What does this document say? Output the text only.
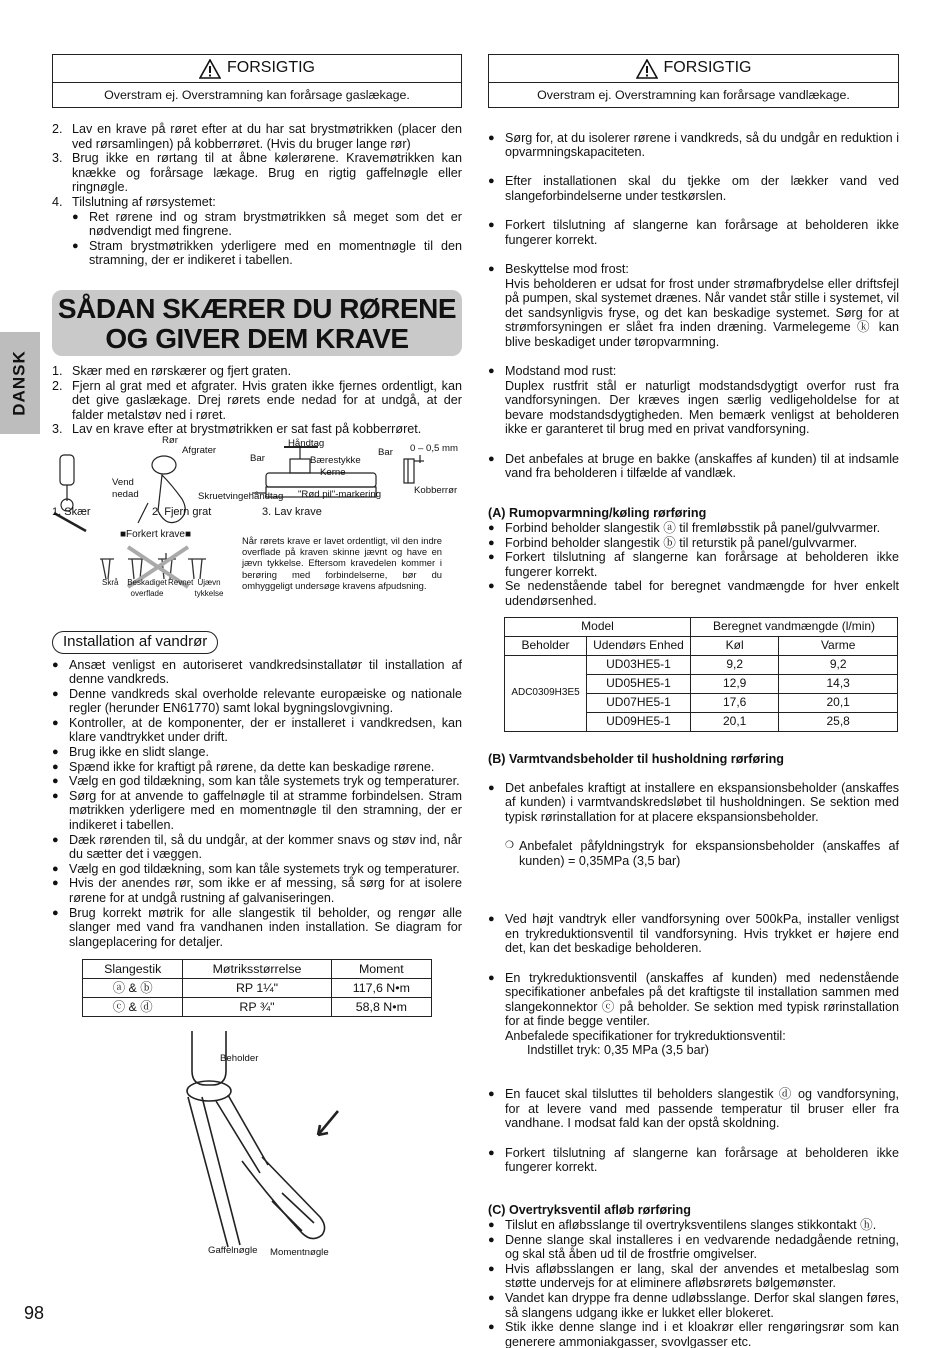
DANSK
FORSIGTIG
Overstram ej. Overstramning kan forårsage gaslækage.
2. Lav en krave på røret efter at du har sat brystmøtrikken (placer den ved rørsamlingen) på kobberrøret. (Hvis du bruger lange rør)
3. Brug ikke en rørtang til at åbne kølerørene. Kravemøtrikken kan knække og forårsage lækage. Brug en rigtig gaffelnøgle eller ringnøgle.
4. Tilslutning af rørsystemet:
● Ret rørene ind og stram brystmøtrikken så meget som det er nødvendigt med fingrene.
● Stram brystmøtrikken yderligere med en momentnøgle til den stramning, der er indikeret i tabellen.
SÅDAN SKÆRER DU RØRENE
OG GIVER DEM KRAVE
1. Skær med en rørskærer og fjert graten.
2. Fjern al grat med et afgrater. Hvis graten ikke fjernes ordentligt, kan det give gaslækage. Drej rørets ende nedad for at undgå, at der falder metalstøv ned i røret.
3. Lav en krave efter at brystmøtrikken er sat fast på kobberrøret.
Rør
Afgrater
Håndtag
Bar	Bærestykke
Kerne
Bar 0 – 0,5 mm
Vend
nedad	Skruetvingehåndtag "Rød pil"-markering	Kobberrør
1. Skær	2. Fjern grat	3. Lav krave
■Forkert krave■
Skrå	Beskadiget overflade
Revnet Ujævn tykkelse
Når rørets krave er lavet ordentligt, vil den indre overflade på kraven skinne jævnt og have en jævn tykkelse. Eftersom kravedelen kommer i berøring med forbindelserne, bør du omhyggeligt undersøge kravens afpudsning.
Installation af vandrør
● Ansæt venligst en autoriseret vandkredsinstallatør til installation af denne vandkreds.
● Denne vandkreds skal overholde relevante europæiske og nationale regler (herunder EN61770) samt lokal bygningslovgivning.
● Kontroller, at de komponenter, der er installeret i vandkredsen, kan klare vandtrykket under drift.
● Brug ikke en slidt slange.
● Spænd ikke for kraftigt på rørene, da dette kan beskadige rørene.
● Vælg en god tildækning, som kan tåle systemets tryk og temperaturer.
● Sørg for at anvende to gaffelnøgle til at stramme forbindelsen. Stram møtrikken yderligere med en momentnøgle til den stramning, der er indikeret i tabellen.
● Dæk rørenden til, så du undgår, at der kommer snavs og støv ind, når du sætter det i væggen.
● Vælg en god tildækning, som kan tåle systemets tryk og temperaturer.
● Hvis der anendes rør, som ikke er af messing, så sørg for at isolere rørene for at undgå rustning af galvaniseringen.
● Brug korrekt møtrik for alle slangestik til beholder, og rengør alle slanger med vand fra vandhanen inden installation. Se diagram for slangeplacering for detaljer.
Slangestik	Møtriksstørrelse	Moment
ⓐ & ⓑ	RP 1¼"	117,6 N•m
ⓒ & ⓓ	RP ¾"	58,8 N•m
Beholder
Gaffelnøgle Momentnøgle
FORSIGTIG
Overstram ej. Overstramning kan forårsage vandlækage.

● Sørg for, at du isolerer rørene i vandkreds, så du undgår en reduktion i opvarmningskapaciteten.

● Efter installationen skal du tjekke om der lækker vand ved slangeforbindelserne under testkørslen.

● Forkert tilslutning af slangerne kan forårsage at beholderen ikke fungerer korrekt.

● Beskyttelse mod frost:
Hvis beholderen er udsat for frost under strømafbrydelse eller driftsfejl på pumpen, skal systemet drænes. Når vandet står stille i systemet, vil det sandsynligvis fryse, og det kan beskadige systemet. Sørg for at strømforsyningen er slået fra inden dræning. Varmelegeme ⓚ kan blive beskadiget under tøropvarmning.

● Modstand mod rust:
Duplex rustfrit stål er naturligt modstandsdygtigt overfor rust fra vandforsyningen. Der kræves ingen særlig vedligeholdelse for at bevare modstandsdygtigheden. Men bemærk venligst at beholderen ikke er garanteret til brug med en privat vandforsyning.

● Det anbefales at bruge en bakke (anskaffes af kunden) til at indsamle vand fra beholderen i tilfælde af vandlæk.

(A) Rumopvarmning/køling rørføring
● Forbind beholder slangestik ⓐ til fremløbsstik på panel/gulvvarmer.
● Forbind beholder slangestik ⓑ til returstik på panel/gulvvarmer.
● Forkert tilslutning af slangerne kan forårsage at beholderen ikke fungerer korrekt.
● Se nedenstående tabel for beregnet vandmængde for hver enkelt udendørsenhed.
Model		Beregnet vandmængde (l/min)	
Beholder	Udendørs Enhed	Køl	Varme
ADC0309H3E5	UD03HE5-1	9,2	9,2
	UD05HE5-1	12,9	14,3
	UD07HE5-1	17,6	20,1
	UD09HE5-1	20,1	25,8
(B) Varmtvandsbeholder til husholdning rørføring

● Det anbefales kraftigt at installere en ekspansionsbeholder (anskaffes af kunden) i varmtvandskredsløbet til husholdningen. Se sektion med typisk rørinstallation for at placere ekspansionsbeholder.

❍ Anbefalet påfyldningstryk for ekspansionsbeholder (anskaffes af kunden) = 0,35MPa (3,5 bar)

● Ved højt vandtryk eller vandforsyning over 500kPa, installer venligst en trykreduktionsventil til vandforsyning. Hvis trykket er højere end det, kan det beskadige beholderen.

● En trykreduktionsventil (anskaffes af kunden) med nedenstående specifikationer anbefales på det kraftigste til installation sammen med slangekonnektor ⓒ på beholder. Se sektion med typisk rørinstallation for at finde begge ventiler.
Anbefalede specifikationer for trykreduktionsventil:

Indstillet tryk: 0,35 MPa (3,5 bar)

● En faucet skal tilsluttes til beholders slangestik ⓓ og vandforsyning, for at levere vand med passende temperatur til bruser eller fra vandhane. I modsat fald kan der opstå skoldning.

● Forkert tilslutning af slangerne kan forårsage at beholderen ikke fungerer korrekt.

(C) Overtryksventil afløb rørføring
● Tilslut en afløbsslange til overtryksventilens slanges stikkontakt ⓗ.
● Denne slange skal installeres i en vedvarende nedadgående retning, og skal stå åben ud til de frostfrie omgivelser.
● Hvis afløbsslangen er lang, skal der anvendes et metalbeslag som støtte undervejs for at eliminere afløbsrørets bølgemønster.
● Vandet kan dryppe fra denne udløbsslange. Derfor skal slangen føres, så slangens udgang ikke er lukket eller blokeret.
● Stik ikke denne slange ind i et kloakrør eller rengøringsrør som kan generere ammoniakgasser, svovlgasser etc.
98
